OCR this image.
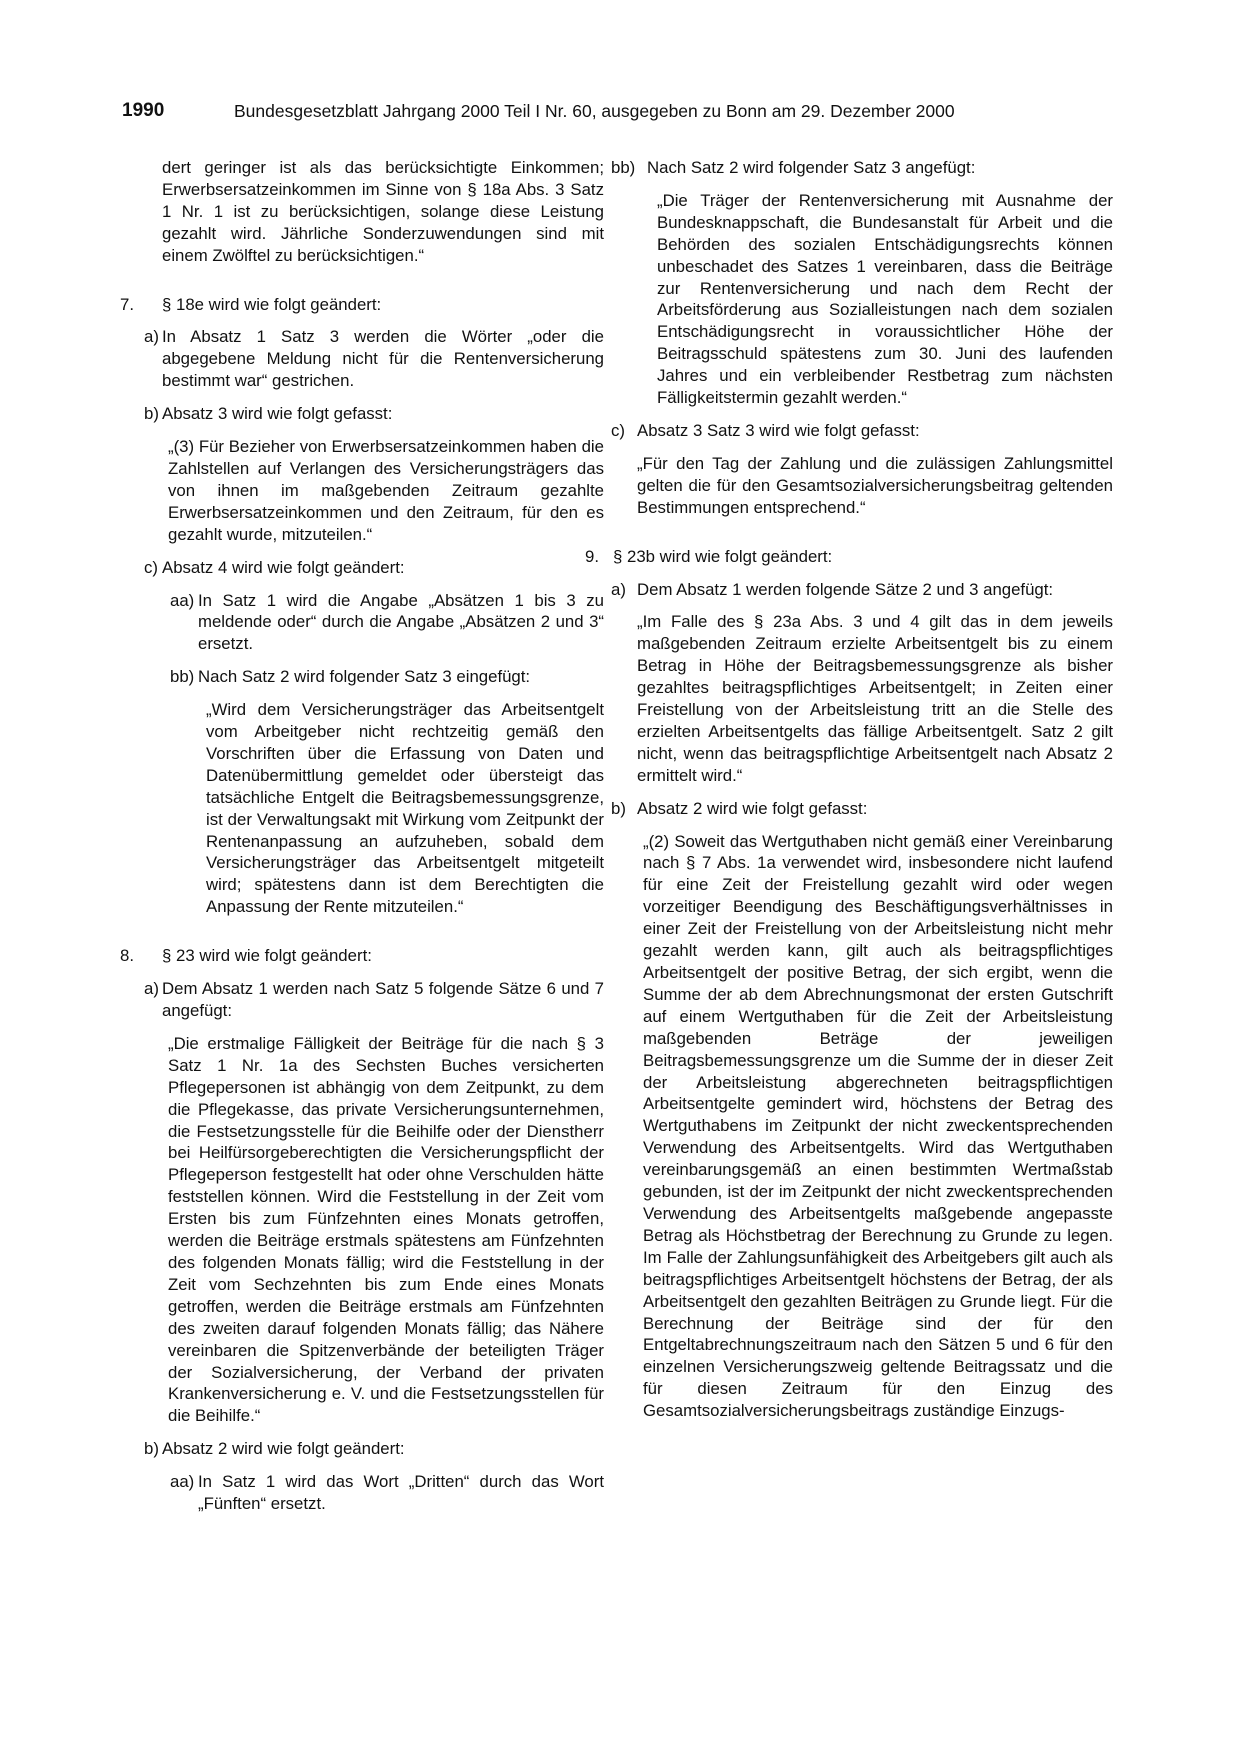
1990	Bundesgesetzblatt Jahrgang 2000 Teil I Nr. 60, ausgegeben zu Bonn am 29. Dezember 2000

dert geringer ist als das berücksichtigte Einkommen; Erwerbsersatzeinkommen im Sinne von § 18a Abs. 3 Satz 1 Nr. 1 ist zu berücksichtigen, solange diese Leistung gezahlt wird. Jährliche Sonderzuwendungen sind mit einem Zwölftel zu berücksichtigen.“

7.	§ 18e wird wie folgt geändert:

a) In Absatz 1 Satz 3 werden die Wörter „oder die abgegebene Meldung nicht für die Rentenversicherung bestimmt war“ gestrichen.

b) Absatz 3 wird wie folgt gefasst:

„(3) Für Bezieher von Erwerbsersatzeinkommen haben die Zahlstellen auf Verlangen des Versicherungsträgers das von ihnen im maßgebenden Zeitraum gezahlte Erwerbsersatzeinkommen und den Zeitraum, für den es gezahlt wurde, mitzuteilen.“

c) Absatz 4 wird wie folgt geändert:

aa) In Satz 1 wird die Angabe „Absätzen 1 bis 3 zu meldende oder“ durch die Angabe „Absätzen 2 und 3“ ersetzt.

bb) Nach Satz 2 wird folgender Satz 3 eingefügt:

„Wird dem Versicherungsträger das Arbeitsentgelt vom Arbeitgeber nicht rechtzeitig gemäß den Vorschriften über die Erfassung von Daten und Datenübermittlung gemeldet oder übersteigt das tatsächliche Entgelt die Beitragsbemessungsgrenze, ist der Verwaltungsakt mit Wirkung vom Zeitpunkt der Rentenanpassung an aufzuheben, sobald dem Versicherungsträger das Arbeitsentgelt mitgeteilt wird; spätestens dann ist dem Berechtigten die Anpassung der Rente mitzuteilen.“

8.	§ 23 wird wie folgt geändert:

a) Dem Absatz 1 werden nach Satz 5 folgende Sätze 6 und 7 angefügt:

„Die erstmalige Fälligkeit der Beiträge für die nach § 3 Satz 1 Nr. 1a des Sechsten Buches versicherten Pflegepersonen ist abhängig von dem Zeitpunkt, zu dem die Pflegekasse, das private Versicherungsunternehmen, die Festsetzungsstelle für die Beihilfe oder der Dienstherr bei Heilfürsorgeberechtigten die Versicherungspflicht der Pflegeperson festgestellt hat oder ohne Verschulden hätte feststellen können. Wird die Feststellung in der Zeit vom Ersten bis zum Fünfzehnten eines Monats getroffen, werden die Beiträge erstmals spätestens am Fünfzehnten des folgenden Monats fällig; wird die Feststellung in der Zeit vom Sechzehnten bis zum Ende eines Monats getroffen, werden die Beiträge erstmals am Fünfzehnten des zweiten darauf folgenden Monats fällig; das Nähere vereinbaren die Spitzenverbände der beteiligten Träger der Sozialversicherung, der Verband der privaten Krankenversicherung e. V. und die Festsetzungsstellen für die Beihilfe.“

b) Absatz 2 wird wie folgt geändert:

aa) In Satz 1 wird das Wort „Dritten“ durch das Wort „Fünften“ ersetzt.

bb) Nach Satz 2 wird folgender Satz 3 angefügt:

„Die Träger der Rentenversicherung mit Ausnahme der Bundesknappschaft, die Bundesanstalt für Arbeit und die Behörden des sozialen Entschädigungsrechts können unbeschadet des Satzes 1 vereinbaren, dass die Beiträge zur Rentenversicherung und nach dem Recht der Arbeitsförderung aus Sozialleistungen nach dem sozialen Entschädigungsrecht in voraussichtlicher Höhe der Beitragsschuld spätestens zum 30. Juni des laufenden Jahres und ein verbleibender Restbetrag zum nächsten Fälligkeitstermin gezahlt werden.“

c) Absatz 3 Satz 3 wird wie folgt gefasst:

„Für den Tag der Zahlung und die zulässigen Zahlungsmittel gelten die für den Gesamtsozialversicherungsbeitrag geltenden Bestimmungen entsprechend.“

9. § 23b wird wie folgt geändert:

a) Dem Absatz 1 werden folgende Sätze 2 und 3 angefügt:

„Im Falle des § 23a Abs. 3 und 4 gilt das in dem jeweils maßgebenden Zeitraum erzielte Arbeitsentgelt bis zu einem Betrag in Höhe der Beitragsbemessungsgrenze als bisher gezahltes beitragspflichtiges Arbeitsentgelt; in Zeiten einer Freistellung von der Arbeitsleistung tritt an die Stelle des erzielten Arbeitsentgelts das fällige Arbeitsentgelt. Satz 2 gilt nicht, wenn das beitragspflichtige Arbeitsentgelt nach Absatz 2 ermittelt wird.“

b) Absatz 2 wird wie folgt gefasst:

„(2) Soweit das Wertguthaben nicht gemäß einer Vereinbarung nach § 7 Abs. 1a verwendet wird, insbesondere nicht laufend für eine Zeit der Freistellung gezahlt wird oder wegen vorzeitiger Beendigung des Beschäftigungsverhältnisses in einer Zeit der Freistellung von der Arbeitsleistung nicht mehr gezahlt werden kann, gilt auch als beitragspflichtiges Arbeitsentgelt der positive Betrag, der sich ergibt, wenn die Summe der ab dem Abrechnungsmonat der ersten Gutschrift auf einem Wertguthaben für die Zeit der Arbeitsleistung maßgebenden Beträge der jeweiligen Beitragsbemessungsgrenze um die Summe der in dieser Zeit der Arbeitsleistung abgerechneten beitragspflichtigen Arbeitsentgelte gemindert wird, höchstens der Betrag des Wertguthabens im Zeitpunkt der nicht zweckentsprechenden Verwendung des Arbeitsentgelts. Wird das Wertguthaben vereinbarungsgemäß an einen bestimmten Wertmaßstab gebunden, ist der im Zeitpunkt der nicht zweckentsprechenden Verwendung des Arbeitsentgelts maßgebende angepasste Betrag als Höchstbetrag der Berechnung zu Grunde zu legen. Im Falle der Zahlungsunfähigkeit des Arbeitgebers gilt auch als beitragspflichtiges Arbeitsentgelt höchstens der Betrag, der als Arbeitsentgelt den gezahlten Beiträgen zu Grunde liegt. Für die Berechnung der Beiträge sind der für den Entgeltabrechnungszeitraum nach den Sätzen 5 und 6 für den einzelnen Versicherungszweig geltende Beitragssatz und die für diesen Zeitraum für den Einzug des Gesamtsozialversicherungsbeitrags zuständige Einzugs-
